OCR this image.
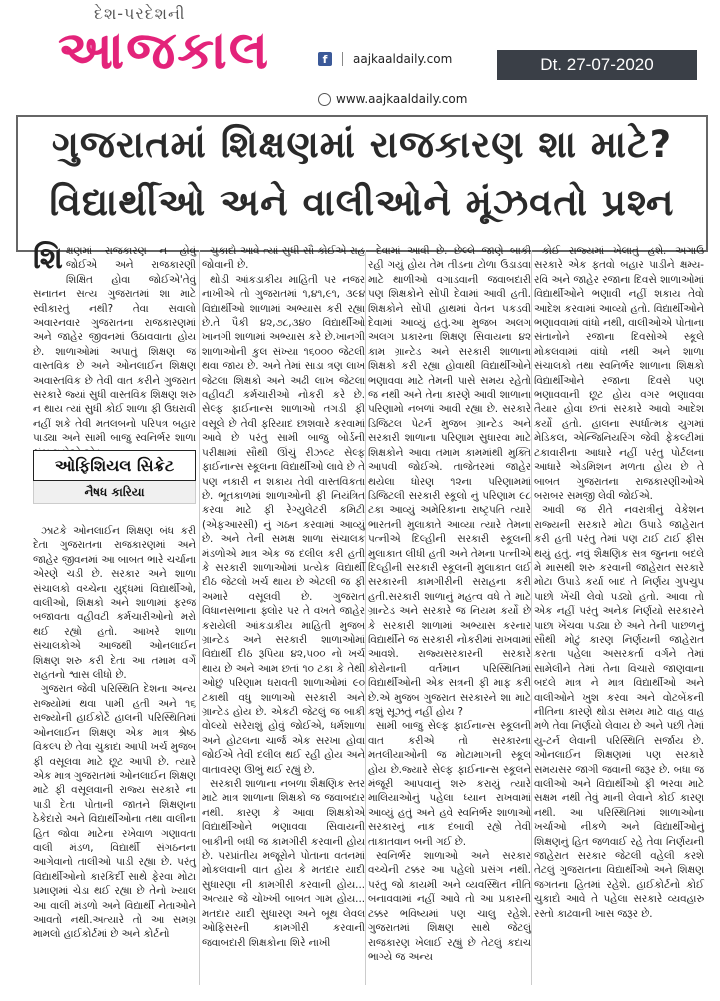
દેશ-પરદેશની
આજકાલ	f	aajkaaldaily.com	Dt. 27-07-2020
www.aajkaaldaily.com
ગુજરાતમાં શિક્ષણમાં રાજકારણ શા માટે?
વિદ્યાર્થીઓ અને વાલીઓને મૂંઝવતો પ્રશ્ન

શિક્ષણમાં રાજકારણ ન હોવું જોઈએ અને રાજકારણી શિક્ષિત હોવા જોઈએ'તેવું સનાતન સત્ય ગુજરાતમાં શા માટે સ્વીકારતું નથી? તેવા સવાલો અવારનવાર ગુજરાતના રાજકારણમાં અને જાહેર જીવનમાં ઉઠાવવાતા હોય છે. શાળાઓમાં અપાતું શિક્ષણ જ વાસ્તવિક છે અને ઓનલાઈન શિક્ષણ અવાસ્તવિક છે તેવી વાત કરીને ગુજરાત સરકારે જ્યાં સુધી વાસ્તવિક શિક્ષણ શરુ ન થાય ત્યાં સુધી કોઈ શાળા ફી ઉઘરાવી નહીં શકે તેવી મતલબનો પરિપત્ર બહાર પાડ્યા અને સામી બાજુ સ્વનિર્ભર શાળા

ઓફિશિયલ સિક્રેટ
નૈષધ કારિયા

ઝાટકે ઓનલાઈન શિક્ષણ બંધ કરી દેતા ગુજરાતના રાજકારણમાં અને જાહેર જીવનમાં આ બાબત ભારે ચર્ચાના એરણે ચડી છે. સરકાર અને શાળા સંચાલકો વચ્ચેના યુદ્ધમાં વિદ્યાર્થીઓ, વાલીઓ, શિક્ષકો અને શાળામાં ફરજ બજાવતા વહીવટી કર્મચારીઓનો મરો થઈ રહ્યો હતો. આખરે શાળા સંચાલકોએ આજથી ઓનલાઈન શિક્ષણ શરુ કરી દેતા આ તમામ વર્ગે રાહતનો શ્વાસ લીધો છે.

ગુજરાત જેવી પરિસ્થિતિ દેશના અન્ય રાજ્યોમાં થવા પામી હતી અને ૧૬ રાજ્યોની હાઈકોર્ટે હાલની પરિસ્થિતિમાં ઓનલાઈન શિક્ષણ એક માત્ર શ્રેષ્ઠ વિકલ્પ છે તેવા ચુકાદા આપી ખર્ચ મુજબ ફી વસૂલવા માટે છૂટ આપી છે. ત્યારે એક માત્ર ગુજરાતમાં ઓનલાઈન શિક્ષણ માટે ફી વસૂલવાની રાજ્ય સરકારે ના પાડી દેતા પોતાની જાતને શિક્ષણના ઠેકેદારો અને વિદ્યાર્થીઓના તથા વાલીના હિત જોવા માટેના રખેવાળ ગણાવતા વાલી મંડળ, વિદ્યાર્થી સંગઠનના આગેવાનો તાલીઓ પાડી રહ્યા છે. પરંતુ વિદ્યાર્થીઓનો કારકિર્દી સાથે ફેરવા મોટા પ્રમાણમાં ચેડા થઈ રહ્યા છે તેનો ખ્યાલ આ વાલી મંડળો અને વિદ્યાર્થી નેતાઓને આવતો નથી.અત્યારે તો આ સમગ્ર મામલો હાઈકોર્ટમાં છે અને કોર્ટનો

ચુકાદો આવે ત્યાં સુધી સૌ કોઈએ રાહ જોવાની છે.

થોડી આંકડાકીય માહિતી પર નજર નાખીએ તો ગુજરાતમાં ૧,૪૧,૯૧, ૩૯૪ વિદ્યાર્થીઓ શાળામાં અભ્યાસ કરી રહ્યા છે.તે પૈકી ૪૨,૭૮,૩૪૦ વિદ્યાર્થીઓ ખાનગી શાળામાં અભ્યાસ કરે છે.ખાનગી શાળાઓની કુલ સંખ્યા ૧૬૦૦૦ જેટલી થવા જાય છે. અને તેમાં સાડા ત્રણ લાખ જેટલા શિક્ષકો અને અઢી લાખ જેટલા વહીવટી કર્મચારીઓ નોકરી કરે છે. સેલ્ફ ફાઈનાન્સ શાળાઓ તગડી ફી વસૂલે છે તેવી ફરિયાદ છાશવારે કરવામાં આવે છે પરંતુ સામી બાજુ બોર્ડની પરીક્ષામાં સૌથી ઊંચું રીઝલ્ટ સેલ્ફ ફાઈનાન્સ સ્કૂલના વિદ્યાર્થીઓ લાવે છે તે પણ નકારી ન શકાય તેવી વાસ્તવિકતા છે. ભૂતકાળમાં શાળાઓની ફી નિયંત્રિત કરવા માટે ફી રેગ્યુલેટરી કમિટી (એફઆરસી) નું ગઠન કરવામાં આવ્યું છે. અને તેની સમક્ષ શાળા સંચાલક મંડળોએ માત્ર એક જ દલીલ કરી હતી કે સરકારી શાળાઓમાં પ્રત્યેક વિદ્યાર્થી દીઠ જેટલો ખર્ચ થાય છે એટલી જ ફી અમારે વસૂલવી છે. ગુજરાત વિધાનસભાના ફ્લોર પર તે વખતે જાહેર કરાયેલી આંકડાકીય માહિતી મુજબ ગ્રાન્ટેડ અને સરકારી શાળાઓમાં વિદ્યાર્થી દીઠ રૂપિયા ૪૨,૫૦૦ નો ખર્ચ થાય છે અને આમ છતાં ૧૦ ટકા કે તેથી ઓછું પરિણામ ધરાવતી શાળાઓમાં ૯૦ ટકાથી વધુ શાળાઓ સરકારી અને ગ્રાન્ટેડ હોય છે. એકટી જેટલું જ બાકી વોલ્યો સરેરાશું હોવું જોઈએ, ધર્મશાળા અને હોટલના ચાર્જ એક સરખા હોવા જોઈએ તેવી દલીલ થઈ રહી હોય અને વાતાવરણ ઊભું થઈ રહ્યું છે.

સરકારી શાળાના નબળા શૈક્ષણિક સ્તર માટે માત્ર શાળાના શિક્ષકો જ જવાબદાર નથી. કારણ કે આવા શિક્ષકોએ વિદ્યાર્થીઓને ભણાવવા સિવાયની બાકીની બધી જ કામગીરી કરવાની હોય છે. પરપ્રાંતીય મજૂરોને પોતાના વતનમાં મોકલવાની વાત હોય કે મતદાર યાદી સુધારણા ની કામગીરી કરવાની હોય... અત્યાર જે ચોખ્ખી બાબત ગામ હોય... મતદાર યાદી સુધારણ અને બૂથ લેવલ ઓફિસરની કામગીરી કરવાની જવાબદારી શિક્ષકોના શિરે નાખી

દેવામાં આવી છે. છેલ્લે જાણે બાકી રહી ગયું હોય તેમ તીડના ટોળા ઉડાડવા માટે થાળીઓ વગાડવાની જવાબદારી પણ શિક્ષકોને સોંપી દેવામાં આવી હતી. શિક્ષકોને સોંપી હાથમાં વેતન પકડવી દેવામાં આવ્યું હતું.આ મુજબ અલગ અલગ પ્રકારના શિક્ષણ સિવાયના ૪૨ કામ ગ્રાન્ટેડ અને સરકારી શાળાના શિક્ષકો કરી રહ્યા હોવાથી વિદ્યાર્થીઓને ભણાવવા માટે તેમની પાસે સમય રહેતો જ નથી અને તેના કારણે આવી શાળાના પરિણામો નબળાં આવી રહ્યા છે. સરકારે ડિજિટલ પેટર્ન મુજબ ગ્રાન્ટેડ અને સરકારી શાળાના પરિણામ સુધારવા માટે શિક્ષકોને આવા તમામ કામમાંથી મુક્તિ આપવી જોઈએ. તાજેતરમાં જાહેર થયેલા ધોરણ ૧૨ના પરિણામમાં ડિજિટલી સરકારી સ્કૂલો નું પરિણામ ૯૮ ટકા આવ્યું અમેરિકાના રાષ્ટ્રપતિ ત્યારે ભારતની મુલાકાતે આવ્યા ત્યારે તેમના પત્નીએ દિલ્હીની સરકારી સ્કૂલની મુલાકાત લીધી હતી અને તેમના પત્નીએ દિલ્હીની સરકારી સ્કૂલની મુલાકાત લઈ સરકારની કામગીરીની સરાહના કરી હતી.સરકારી શાળાનું મહત્વ વધે તે માટે ગ્રાન્ટેડ અને સરકારે જ નિયમ કર્યો છે કે સરકારી શાળામાં અભ્યાસ કરનાર વિદ્યાર્થીને જ સરકારી નોકરીમાં રાખવામાં આવશે. રાજ્યસરકારની સરકારે કોરોનાની વર્તમાન પરિસ્થિતિમાં વિદ્યાર્થીઓની એક સત્રની ફી માફ કરી છે.એ મુજબ ગુજરાત સરકારને શા માટે કશું સૂઝતું નહીં હોય ?

સામી બાજુ સેલ્ફ ફાઈનાન્સ સ્કૂલની વાત કરીએ તો સરકારના મતલીયાઓની જ મોટામાગની સ્કૂલ હોય છે.જ્યારે સેલ્ફ ફાઈનાન્સ સ્કૂલને મંજૂરી આપવાનું શરુ કરાયું ત્યારે માલિયાઓનું પહેલા ધ્યાન રાખવામાં આવ્યું હતું અને હવે સ્વનિર્ભર શાળાઓ સરકારનું નાક દબાવી રહ્યે તેવી તાકાતવાન બની ગઈ છે.

સ્વનિર્ભર શાળાઓ અને સરકાર વચ્ચેની ટક્કર આ પહેલો પ્રસંગ નથી. પરંતુ જો કાયમી અને વ્યવસ્થિત નીતિ બનાવવામાં નહીં આવે તો આ પ્રકારની ટક્કર ભવિષ્યમાં પણ ચાલુ રહેશે. ગુજરાતમાં શિક્ષણ સાથે જેટલું રાજકારણ ખેલાઈ રહ્યું છે તેટલું કદાચ ભાગ્યે જ અન્ય

કોઈ રાજ્યમાં ખેલાતું હશે. અગાઉ સરકારે એક ફતવો બહાર પાડીને ક્ષમ્ય-રવિ અને જાહેર રજાના દિવસે શાળાઓમાં વિદ્યાર્થીઓને ભણાવી નહીં શકાય તેવો આદેશ કરવામાં આવ્યો હતો. વિદ્યાર્થીઓને ભણાવવામાં વાંધો નથી, વાલીઓએ પોતાના સંતાનોને રજાના દિવસોએ સ્કૂલે મોકલવામાં વાંધો નથી અને શાળા સંચાલકો તથા સ્વનિર્ભર શાળાના શિક્ષકો વિદ્યાર્થીઓને રજાના દિવસે પણ ભણાવવાની છૂટ હોય વગર ભણાવવા તૈયાર હોવા છતાં સરકારે આવો આદેશ કર્યો હતો. હાલના સ્પર્ધાત્મક યુગમાં મેડિકલ, એન્જિનિયરિંગ જેવી ફેકલ્ટીમાં ટકાવારીના આધારે નહીં પરંતુ પોર્ટલના આધારે એડમિશન મળતા હોય છે તે બાબત ગુજરાતના રાજકારણીઓએ બરાબર સમજી લેવી જોઈએ.

આવી જ રીતે નવરાત્રીનું વેકેશન રાજ્યની સરકારે મોટા ઉપાડે જાહેરાત કરી હતી પરંતુ તેમાં પણ ટાઈ ટાઈ ફીસ થયું હતું. નવું શૈક્ષણિક સત્ર જુનના બદલે મે માસથી શરુ કરવાની જાહેરાત સરકારે મોટા ઉપાડે કર્યા બાદ તે નિર્ણય ગુપચુપ પાછો ખેંચી લેવો પડ્યો હતો. આવા તો એક નહીં પરંતુ અનેક નિર્ણયો સરકારને પાછા ખેંચવા પડ્યા છે અને તેની પાછળનું સૌથી મોટું કારણ નિર્ણયની જાહેરાત કરતા પહેલા અસરકર્તા વર્ગને તેમાં સામેલીને તેમાં તેના વિચારો જાણવાના બદલે માત્ર ને માત્ર વિદ્યાર્થીઓ અને વાલીઓને ખુશ કરવા અને વોટબેંકની નીતિના કારણે થોડા સમય માટે વાહ વાહ મળે તેવા નિર્ણયો લેવાય છે અને પછી તેમાં યુ-ટર્ન લેવાની પરિસ્થિતિ સર્જાય છે. ઓનલાઈન શિક્ષણમાં પણ સરકારે સમયસર જાગી જવાની જરૂર છે. બધા જ વાલીઓ અને વિદ્યાર્થીઓ ફી ભરવા માટે સક્ષમ નથી તેવું માની લેવાને કોઈ કારણ નથી. આ પરિસ્થિતિમાં શાળાઓના ખર્ચાઓ નીકળે અને વિદ્યાર્થીઓનું શિક્ષણનું હિત જળવાઈ રહે તેવા નિર્ણયની જાહેરાત સરકાર જેટલી વહેલી કરશે તેટલું ગુજરાતના વિદ્યાર્થીઓ અને શિક્ષણ જગતના હિતમાં રહેશે. હાઈકોર્ટનો કોઈ ચુકાદો આવે તે પહેલા સરકારે વ્યવહારુ રસ્તો કાઢવાની ખાસ જરૂર છે.
